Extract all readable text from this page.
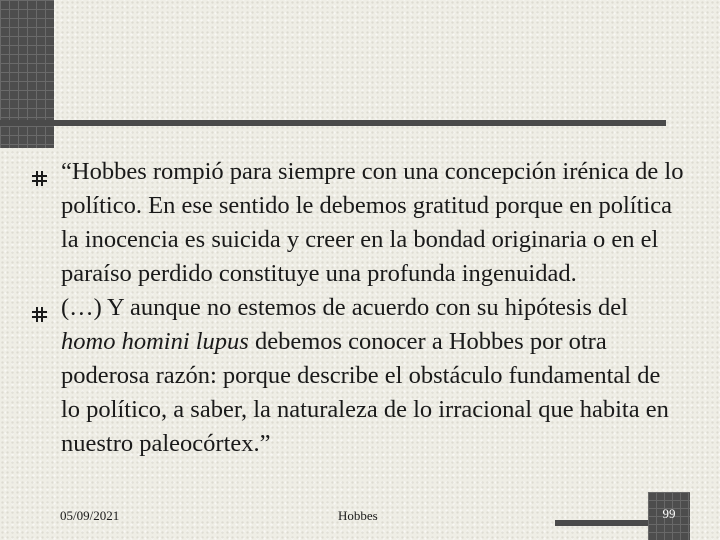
“Hobbes rompió para siempre con una concepción irénica de lo político. En ese sentido le debemos gratitud porque en política la inocencia es suicida y creer en la bondad originaria o en el paraíso perdido constituye una profunda ingenuidad.
(…) Y aunque no estemos de acuerdo con su hipótesis del homo homini lupus debemos conocer a Hobbes por otra poderosa razón: porque describe el obstáculo fundamental de lo político, a saber, la naturaleza de lo irracional que habita en nuestro paleocórtex.”
05/09/2021	Hobbes	99
